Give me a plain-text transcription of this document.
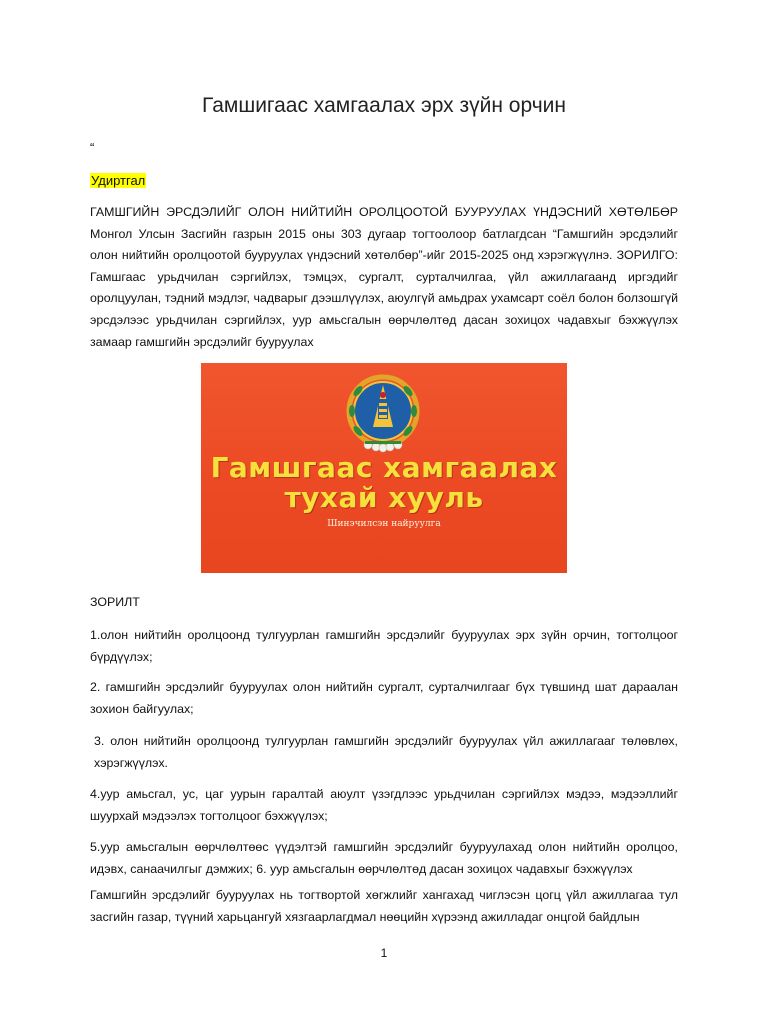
Гамшигаас хамгаалах эрх зүйн орчин
“
Удиртгал
ГАМШГИЙН ЭРСДЭЛИЙГ ОЛОН НИЙТИЙН ОРОЛЦООТОЙ БУУРУУЛАХ ҮНДЭСНИЙ ХӨТӨЛБӨР Монгол Улсын Засгийн газрын 2015 оны 303 дугаар тогтоолоор батлагдсан “Гамшгийн эрсдэлийг олон нийтийн оролцоотой бууруулах үндэсний хөтөлбөр”-ийг 2015-2025 онд хэрэгжүүлнэ. ЗОРИЛГО: Гамшгаас урьдчилан сэргийлэх, тэмцэх, сургалт, сурталчилгаа, үйл ажиллагаанд иргэдийг оролцуулан, тэдний мэдлэг, чадварыг дээшлүүлэх, аюулгүй амьдрах ухамсарт соёл болон болзошгүй эрсдэлээс урьдчилан сэргийлэх, уур амьсгалын өөрчлөлтөд дасан зохицох чадавхыг бэхжүүлэх замаар гамшгийн эрсдэлийг бууруулах
Гамшгаас хамгаалах
тухай хууль
Шинэчилсэн найруулга
ЗОРИЛТ
1.олон нийтийн оролцоонд тулгуурлан гамшгийн эрсдэлийг бууруулах эрх зүйн орчин, тогтолцоог бүрдүүлэх;
2. гамшгийн эрсдэлийг бууруулах олон нийтийн сургалт, сурталчилгааг бүх түвшинд шат дараалан зохион байгуулах;
3. олон нийтийн оролцоонд тулгуурлан гамшгийн эрсдэлийг бууруулах үйл ажиллагааг төлөвлөх, хэрэгжүүлэх.
4.уур амьсгал, ус, цаг уурын гаралтай аюулт үзэгдлээс урьдчилан сэргийлэх мэдээ, мэдээллийг шуурхай мэдээлэх тогтолцоог бэхжүүлэх;
5.уур амьсгалын өөрчлөлтөөс үүдэлтэй гамшгийн эрсдэлийг бууруулахад олон нийтийн оролцоо, идэвх, санаачилгыг дэмжих; 6. уур амьсгалын өөрчлөлтөд дасан зохицох чадавхыг бэхжүүлэх
Гамшгийн эрсдэлийг бууруулах нь тогтвортой хөгжлийг хангахад чиглэсэн цогц үйл ажиллагаа тул засгийн газар, түүний харьцангуй хязгаарлагдмал нөөцийн хүрээнд ажилладаг онцгой байдлын
1
